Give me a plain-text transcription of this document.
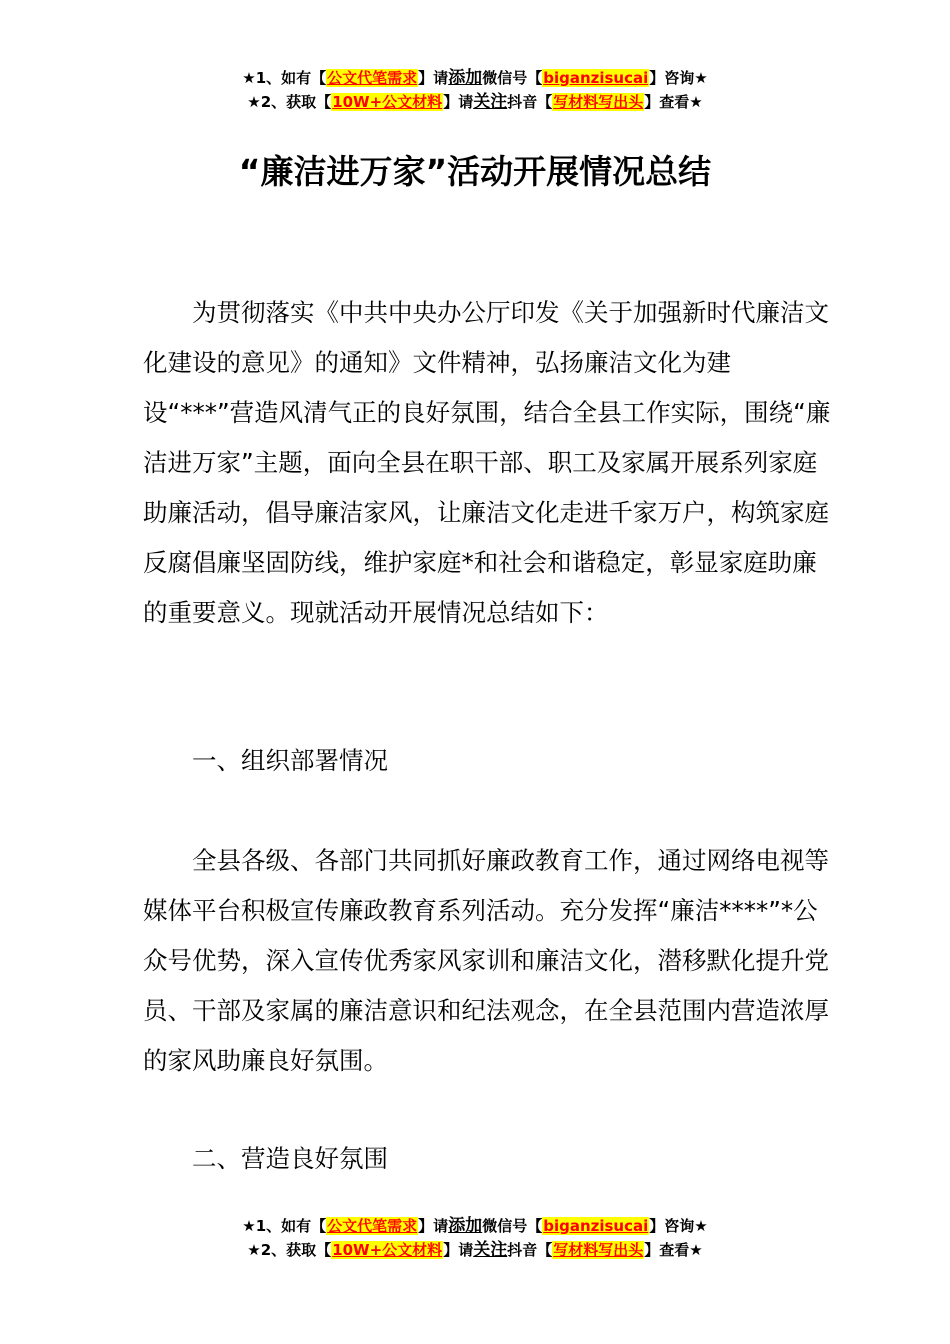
★1、如有【公文代笔需求】请添加微信号【biganzisucai】咨询★
★2、获取【10W+公文材料】请关注抖音【写材料写出头】查看★
“廉洁进万家”活动开展情况总结

为贯彻落实《中共中央办公厅印发《关于加强新时代廉洁文化建设的意见》的通知》文件精神，弘扬廉洁文化为建设“***”营造风清气正的良好氛围，结合全县工作实际，围绕“廉洁进万家”主题，面向全县在职干部、职工及家属开展系列家庭助廉活动，倡导廉洁家风，让廉洁文化走进千家万户，构筑家庭反腐倡廉坚固防线，维护家庭*和社会和谐稳定，彰显家庭助廉的重要意义。现就活动开展情况总结如下：

一、组织部署情况

全县各级、各部门共同抓好廉政教育工作，通过网络电视等媒体平台积极宣传廉政教育系列活动。充分发挥“廉洁****”*公众号优势，深入宣传优秀家风家训和廉洁文化，潜移默化提升党员、干部及家属的廉洁意识和纪法观念，在全县范围内营造浓厚的家风助廉良好氛围。

二、营造良好氛围

★1、如有【公文代笔需求】请添加微信号【biganzisucai】咨询★
★2、获取【10W+公文材料】请关注抖音【写材料写出头】查看★
